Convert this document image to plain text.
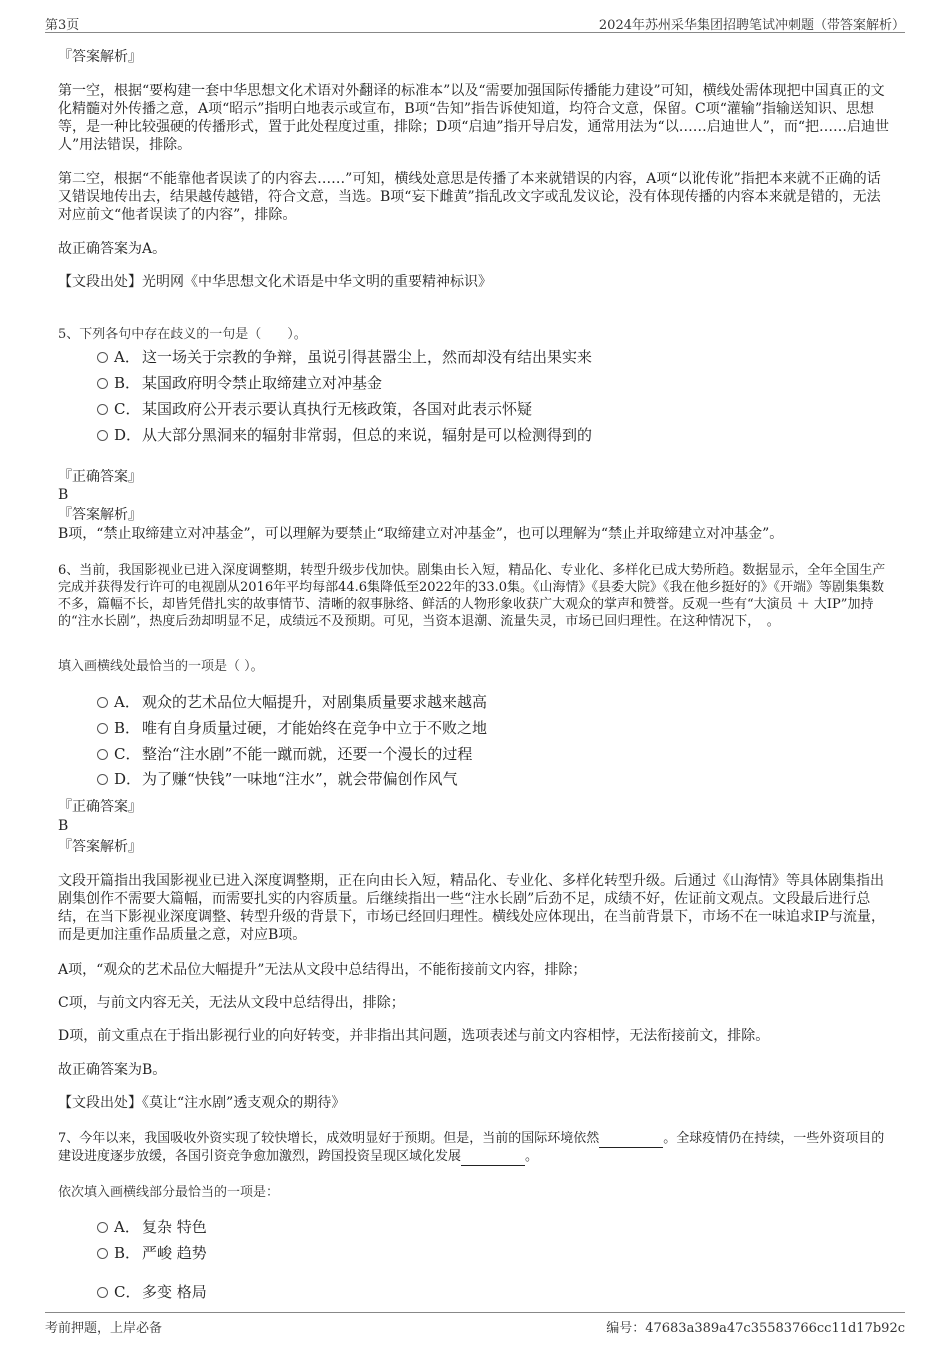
第3页	2024年苏州采华集团招聘笔试冲刺题（带答案解析）
『答案解析』
第一空，根据“要构建一套中华思想文化术语对外翻译的标准本”以及“需要加强国际传播能力建设”可知，横线处需体现把中国真正的文化精髓对外传播之意，A项“昭示”指明白地表示或宣布，B项“告知”指告诉使知道，均符合文意，保留。C项“灌输”指输送知识、思想等，是一种比较强硬的传播形式，置于此处程度过重，排除；D项“启迪”指开导启发，通常用法为“以……启迪世人”，而“把……启迪世人”用法错误，排除。
第二空，根据“不能靠他者误读了的内容去……”可知，横线处意思是传播了本来就错误的内容，A项“以讹传讹”指把本来就不正确的话又错误地传出去，结果越传越错，符合文意，当选。B项“妄下雌黄”指乱改文字或乱发议论，没有体现传播的内容本来就是错的，无法对应前文“他者误读了的内容”，排除。
故正确答案为A。
【文段出处】光明网《中华思想文化术语是中华文明的重要精神标识》
5、下列各句中存在歧义的一句是（　　）。
A． 这一场关于宗教的争辩，虽说引得甚嚣尘上，然而却没有结出果实来
B． 某国政府明令禁止取缔建立对冲基金
C． 某国政府公开表示要认真执行无核政策，各国对此表示怀疑
D．从大部分黑洞来的辐射非常弱，但总的来说，辐射是可以检测得到的
『正确答案』
B
『答案解析』
B项，“禁止取缔建立对冲基金”，可以理解为要禁止“取缔建立对冲基金”，也可以理解为“禁止并取缔建立对冲基金”。
6、当前，我国影视业已进入深度调整期，转型升级步伐加快。剧集由长入短，精品化、专业化、多样化已成大势所趋。数据显示，全年全国生产完成并获得发行许可的电视剧从2016年平均每部44.6集降低至2022年的33.0集。《山海情》《县委大院》《我在他乡挺好的》《开端》等剧集集数不多，篇幅不长，却皆凭借扎实的故事情节、清晰的叙事脉络、鲜活的人物形象收获广大观众的掌声和赞誉。反观一些有“大演员 ＋ 大IP”加持的“注水长剧”，热度后劲却明显不足，成绩远不及预期。可见，当资本退潮、流量失灵，市场已回归理性。在这种情况下，　。
填入画横线处最恰当的一项是（ ）。
A． 观众的艺术品位大幅提升，对剧集质量要求越来越高
B． 唯有自身质量过硬，才能始终在竞争中立于不败之地
C． 整治“注水剧”不能一蹴而就，还要一个漫长的过程
D．为了赚“快钱”一味地“注水”，就会带偏创作风气
『正确答案』
B
『答案解析』
文段开篇指出我国影视业已进入深度调整期，正在向由长入短，精品化、专业化、多样化转型升级。后通过《山海情》等具体剧集指出剧集创作不需要大篇幅，而需要扎实的内容质量。后继续指出一些“注水长剧”后劲不足，成绩不好，佐证前文观点。文段最后进行总结，在当下影视业深度调整、转型升级的背景下，市场已经回归理性。横线处应体现出，在当前背景下，市场不在一味追求IP与流量，而是更加注重作品质量之意，对应B项。
A项，“观众的艺术品位大幅提升”无法从文段中总结得出，不能衔接前文内容，排除；
C项，与前文内容无关，无法从文段中总结得出，排除；
D项，前文重点在于指出影视行业的向好转变，并非指出其问题，选项表述与前文内容相悖，无法衔接前文，排除。
故正确答案为B。
【文段出处】《莫让“注水剧”透支观众的期待》
7、今年以来，我国吸收外资实现了较快增长，成效明显好于预期。但是，当前的国际环境依然	。全球疫情仍在持续，一些外资项目的建设进度逐步放缓，各国引资竞争愈加激烈，跨国投资呈现区域化发展	。
依次填入画横线部分最恰当的一项是：
A． 复杂 特色
B． 严峻 趋势
C． 多变 格局
考前押题，上岸必备	编号：47683a389a47c35583766cc11d17b92c
